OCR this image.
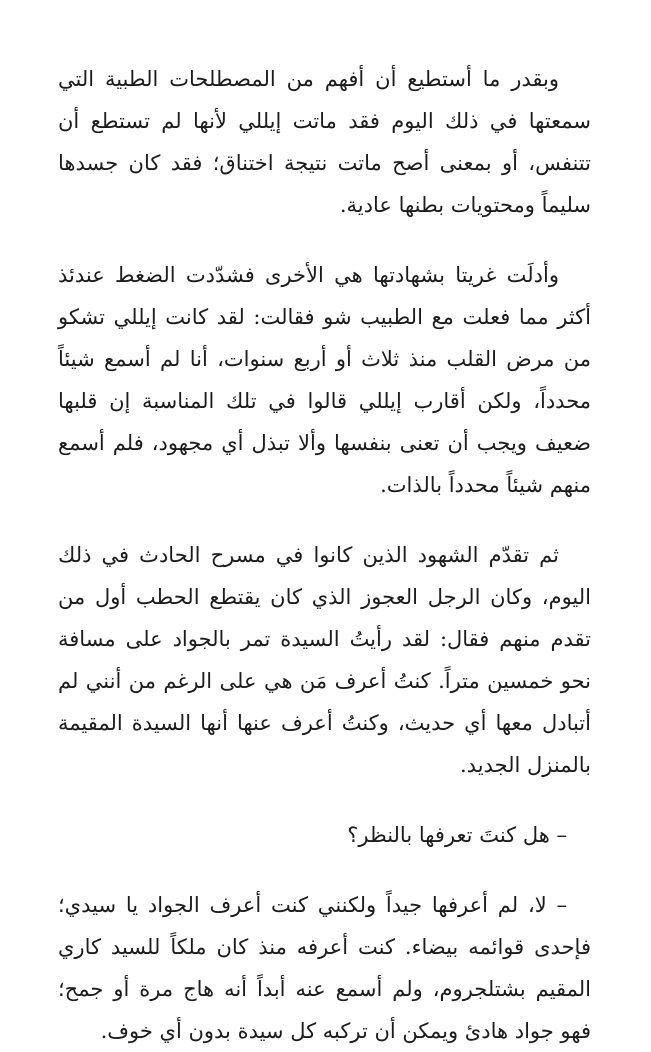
وبقدر ما أستطيع أن أفهم من المصطلحات الطبية التي سمعتها في ذلك اليوم فقد ماتت إيللي لأنها لم تستطع أن تتنفس، أو بمعنى أصح ماتت نتيجة اختناق؛ فقد كان جسدها سليماً ومحتويات بطنها عادية.

وأدلَت غريتا بشهادتها هي الأخرى فشدّدت الضغط عندئذ أكثر مما فعلت مع الطبيب شو فقالت: لقد كانت إيللي تشكو من مرض القلب منذ ثلاث أو أربع سنوات، أنا لم أسمع شيئاً محدداً، ولكن أقارب إيللي قالوا في تلك المناسبة إن قلبها ضعيف ويجب أن تعنى بنفسها وألا تبذل أي مجهود، فلم أسمع منهم شيئاً محدداً بالذات.

ثم تقدّم الشهود الذين كانوا في مسرح الحادث في ذلك اليوم، وكان الرجل العجوز الذي كان يقتطع الحطب أول من تقدم منهم فقال: لقد رأيتُ السيدة تمر بالجواد على مسافة نحو خمسين متراً. كنتُ أعرف مَن هي على الرغم من أنني لم أتبادل معها أي حديث، وكنتُ أعرف عنها أنها السيدة المقيمة بالمنزل الجديد.

– هل كنتَ تعرفها بالنظر؟

– لا، لم أعرفها جيداً ولكنني كنت أعرف الجواد يا سيدي؛ فإحدى قوائمه بيضاء. كنت أعرفه منذ كان ملكاً للسيد كاري المقيم بشتلجروم، ولم أسمع عنه أبداً أنه هاج مرة أو جمح؛ فهو جواد هادئ ويمكن أن تركبه كل سيدة بدون أي خوف.
